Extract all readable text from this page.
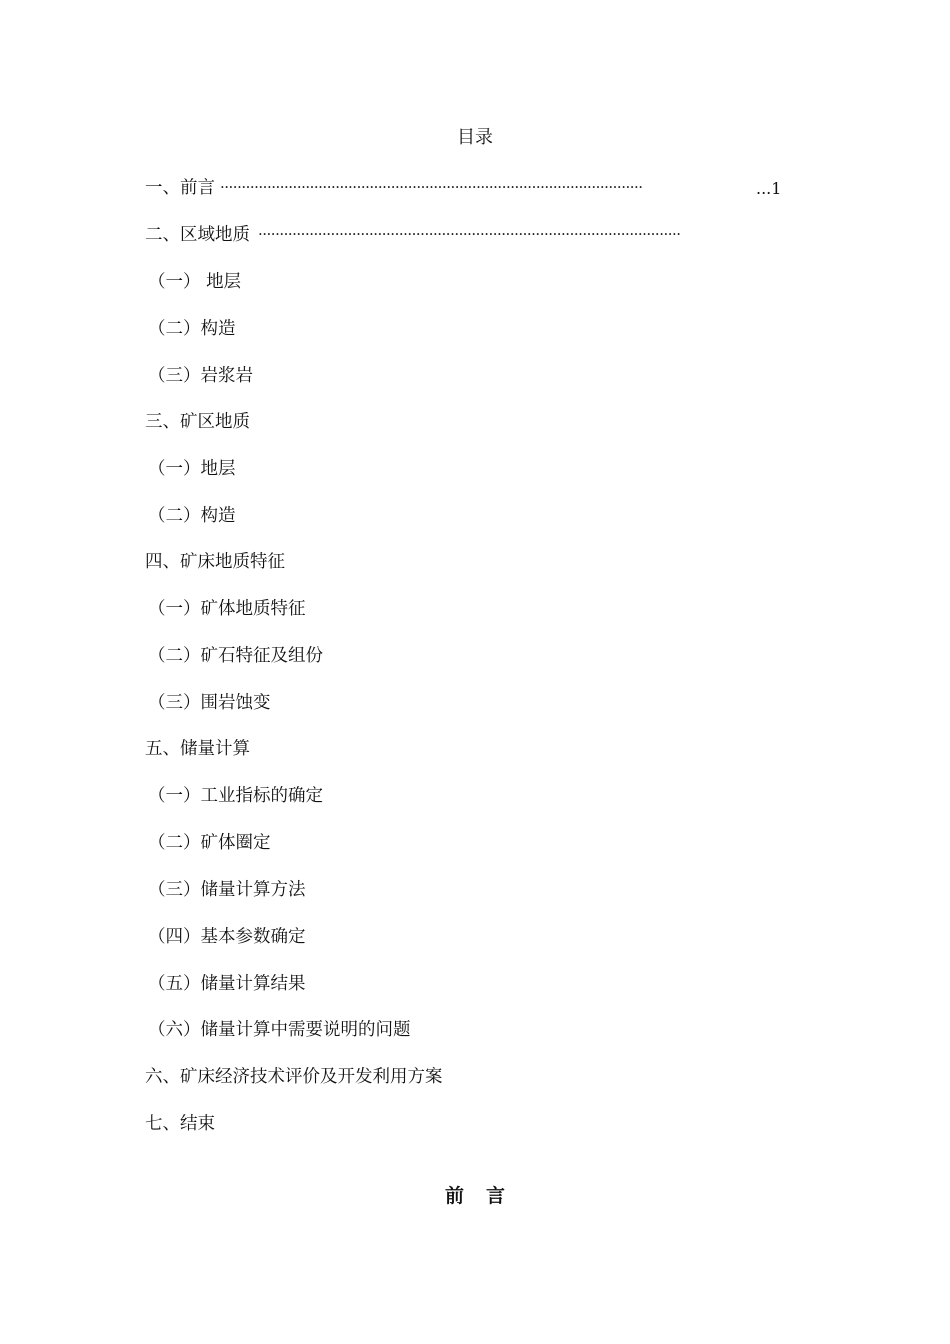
目录
一、前言 ···································································································	...1
二、区域地质 ···································································································
（一） 地层
（二）构造
（三）岩浆岩
三、矿区地质
（一）地层
（二）构造
四、矿床地质特征
（一）矿体地质特征
（二）矿石特征及组份
（三）围岩蚀变
五、储量计算
（一）工业指标的确定
（二）矿体圈定
（三）储量计算方法
（四）基本参数确定
（五）储量计算结果
（六）储量计算中需要说明的问题
六、矿床经济技术评价及开发利用方案
七、结束
前言
